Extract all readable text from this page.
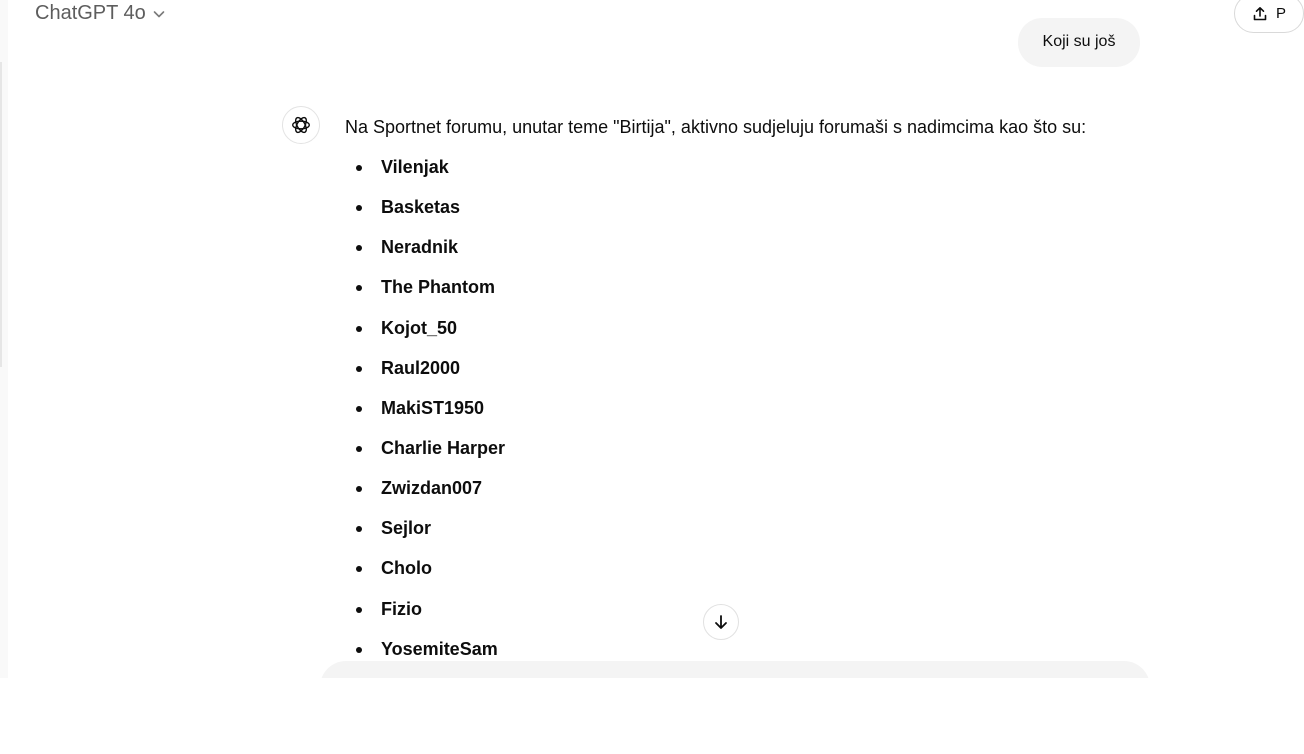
ChatGPT 4o	P
Koji su još

Na Sportnet forumu, unutar teme "Birtija", aktivno sudjeluju forumaši s nadimcima kao što su:

Vilenjak
Basketas
Neradnik
The Phantom
Kojot_50
Raul2000
MakiST1950
Charlie Harper
Zwizdan007
Sejlor
Cholo
Fizio
YosemiteSam
